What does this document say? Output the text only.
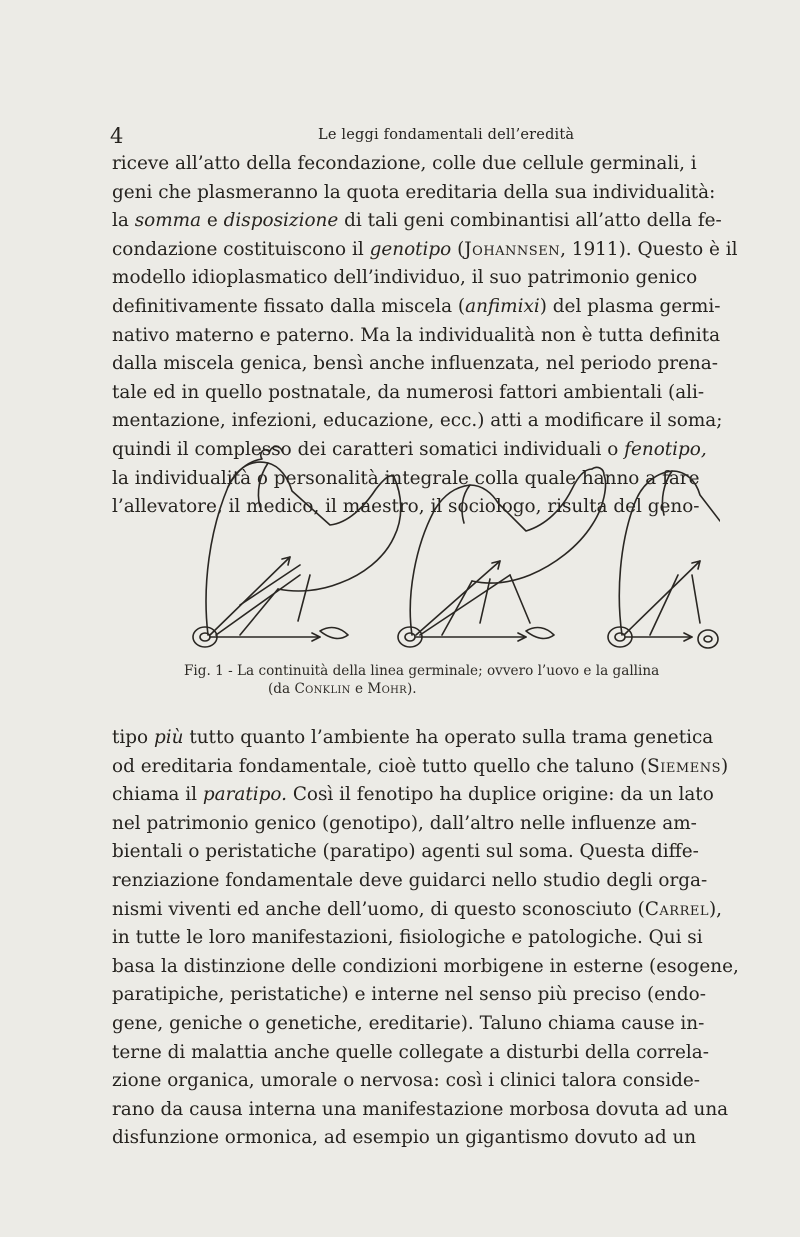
4	Le leggi fondamentali dell’eredità
riceve all’atto della fecondazione, colle due cellule germinali, i
geni che plasmeranno la quota ereditaria della sua individualità:
la somma e disposizione di tali geni combinantisi all’atto della fe-
condazione costituiscono il genotipo (Johannsen, 1911). Questo è il
modello idioplasmatico dell’individuo, il suo patrimonio genico
definitivamente fissato dalla miscela (anfimixi) del plasma germi-
nativo materno e paterno. Ma la individualità non è tutta definita
dalla miscela genica, bensì anche influenzata, nel periodo prena-
tale ed in quello postnatale, da numerosi fattori ambientali (ali-
mentazione, infezioni, educazione, ecc.) atti a modificare il soma;
quindi il complesso dei caratteri somatici individuali o fenotipo,
la individualità o personalità integrale colla quale hanno a fare
l’allevatore, il medico, il maestro, il sociologo, risulta del geno-
Fig. 1 - La continuità della linea germinale; ovvero l’uovo e la gallina
(da Conklin e Mohr).
tipo più tutto quanto l’ambiente ha operato sulla trama genetica
od ereditaria fondamentale, cioè tutto quello che taluno (Siemens)
chiama il paratipo. Così il fenotipo ha duplice origine: da un lato
nel patrimonio genico (genotipo), dall’altro nelle influenze am-
bientali o peristatiche (paratipo) agenti sul soma. Questa diffe-
renziazione fondamentale deve guidarci nello studio degli orga-
nismi viventi ed anche dell’uomo, di questo sconosciuto (Carrel),
in tutte le loro manifestazioni, fisiologiche e patologiche. Qui si
basa la distinzione delle condizioni morbigene in esterne (esogene,
paratipiche, peristatiche) e interne nel senso più preciso (endo-
gene, geniche o genetiche, ereditarie). Taluno chiama cause in-
terne di malattia anche quelle collegate a disturbi della correla-
zione organica, umorale o nervosa: così i clinici talora conside-
rano da causa interna una manifestazione morbosa dovuta ad una
disfunzione ormonica, ad esempio un gigantismo dovuto ad un
